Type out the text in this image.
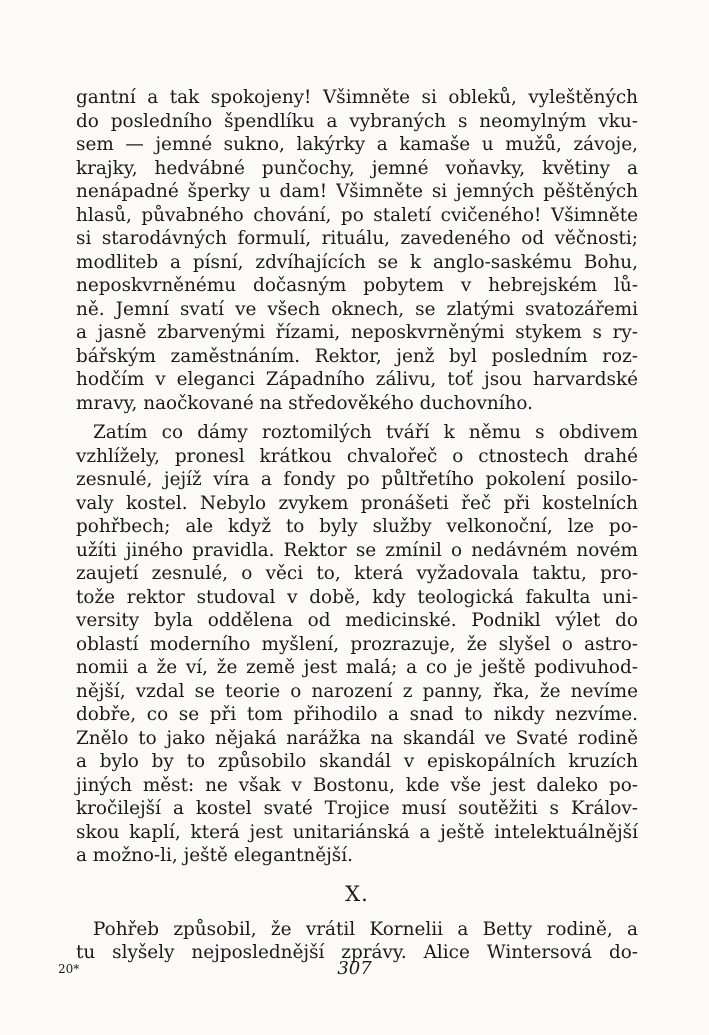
gantní a tak spokojeny! Všimněte si obleků, vyleštěných
do posledního špendlíku a vybraných s neomylným vku-
sem — jemné sukno, lakýrky a kamaše u mužů, závoje,
krajky, hedvábné punčochy, jemné voňavky, květiny a
nenápadné šperky u dam! Všimněte si jemných pěštěných
hlasů, půvabného chování, po staletí cvičeného! Všimněte
si starodávných formulí, rituálu, zavedeného od věčnosti;
modliteb a písní, zdvíhajících se k anglo-saskému Bohu,
neposkvrněnému dočasným pobytem v hebrejském lů-
ně. Jemní svatí ve všech oknech, se zlatými svatozářemi
a jasně zbarvenými řízami, neposkvrněnými stykem s ry-
bářským zaměstnáním. Rektor, jenž byl posledním roz-
hodčím v eleganci Západního zálivu, toť jsou harvardské
mravy, naočkované na středověkého duchovního.
Zatím co dámy roztomilých tváří k němu s obdivem
vzhlížely, pronesl krátkou chvalořeč o ctnostech drahé
zesnulé, jejíž víra a fondy po půltřetího pokolení posilo-
valy kostel. Nebylo zvykem pronášeti řeč při kostelních
pohřbech; ale když to byly služby velkonoční, lze po-
užíti jiného pravidla. Rektor se zmínil o nedávném novém
zaujetí zesnulé, o věci to, která vyžadovala taktu, pro-
tože rektor studoval v době, kdy teologická fakulta uni-
versity byla oddělena od medicinské. Podnikl výlet do
oblastí moderního myšlení, prozrazuje, že slyšel o astro-
nomii a že ví, že země jest malá; a co je ještě podivuhod-
nější, vzdal se teorie o narození z panny, řka, že nevíme
dobře, co se při tom přihodilo a snad to nikdy nezvíme.
Znělo to jako nějaká narážka na skandál ve Svaté rodině
a bylo by to způsobilo skandál v episkopálních kruzích
jiných měst: ne však v Bostonu, kde vše jest daleko po-
kročilejší a kostel svaté Trojice musí soutěžiti s Králov-
skou kaplí, která jest unitariánská a ještě intelektuálnější
a možno-li, ještě elegantnější.
X.
Pohřeb způsobil, že vrátil Kornelii a Betty rodině, a
tu slyšely nejposlednější zprávy. Alice Wintersová do-
20*	307
